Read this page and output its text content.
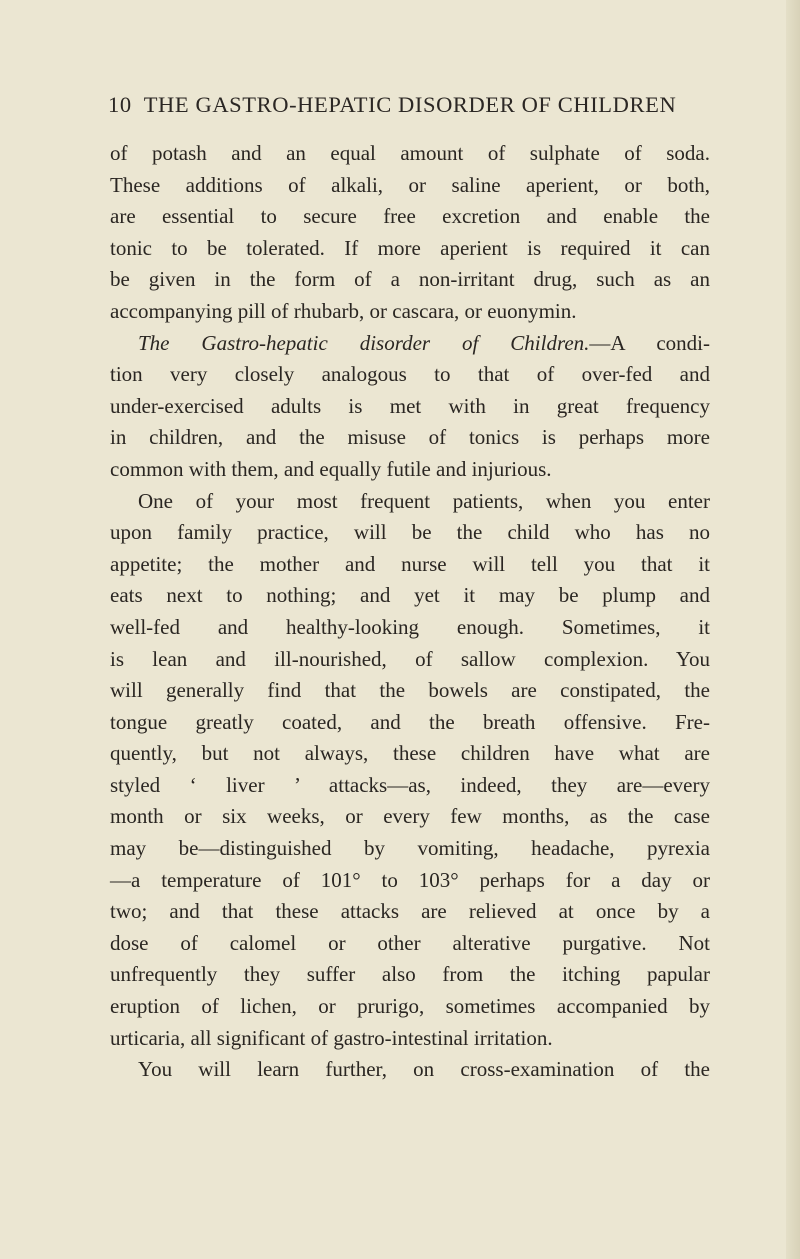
10 THE GASTRO-HEPATIC DISORDER OF CHILDREN
of potash and an equal amount of sulphate of soda.
These additions of alkali, or saline aperient, or both,
are essential to secure free excretion and enable the
tonic to be tolerated. If more aperient is required it can
be given in the form of a non-irritant drug, such as an
accompanying pill of rhubarb, or cascara, or euonymin.
The Gastro-hepatic disorder of Children.—A condi-
tion very closely analogous to that of over-fed and
under-exercised adults is met with in great frequency
in children, and the misuse of tonics is perhaps more
common with them, and equally futile and injurious.
One of your most frequent patients, when you enter
upon family practice, will be the child who has no
appetite; the mother and nurse will tell you that it
eats next to nothing; and yet it may be plump and
well-fed and healthy-looking enough. Sometimes, it
is lean and ill-nourished, of sallow complexion. You
will generally find that the bowels are constipated, the
tongue greatly coated, and the breath offensive. Fre-
quently, but not always, these children have what are
styled ‘ liver ’ attacks—as, indeed, they are—every
month or six weeks, or every few months, as the case
may be—distinguished by vomiting, headache, pyrexia
—a temperature of 101° to 103° perhaps for a day or
two; and that these attacks are relieved at once by a
dose of calomel or other alterative purgative. Not
unfrequently they suffer also from the itching papular
eruption of lichen, or prurigo, sometimes accompanied by
urticaria, all significant of gastro-intestinal irritation.
You will learn further, on cross-examination of the
